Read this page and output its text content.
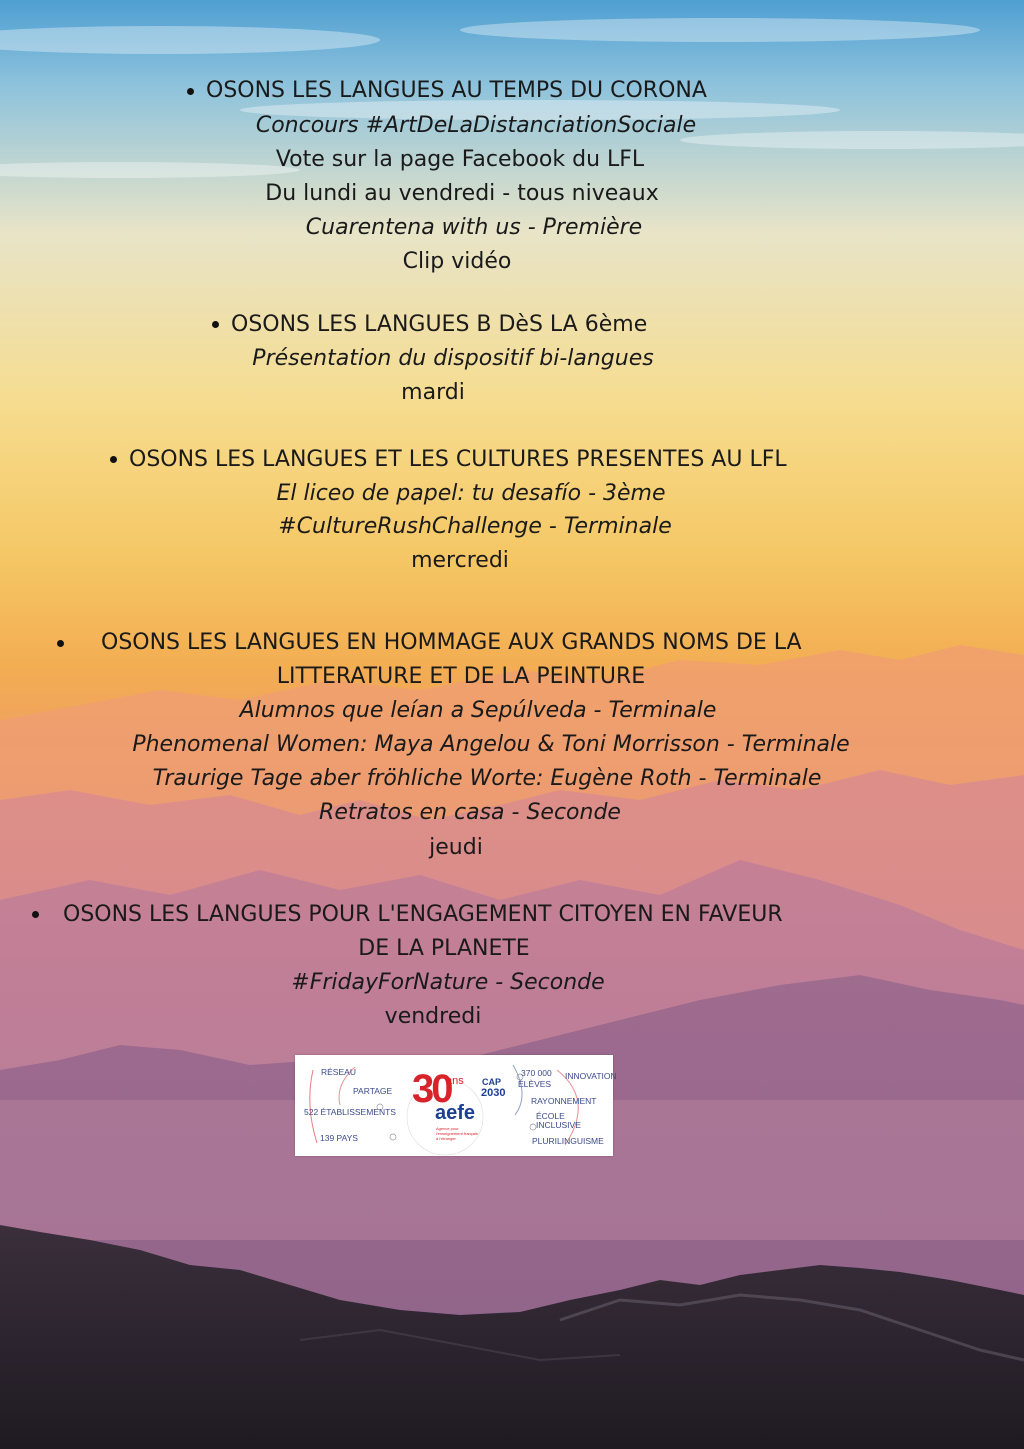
OSONS LES LANGUES AU TEMPS DU CORONA
Concours #ArtDeLaDistanciationSociale
Vote sur la page Facebook du LFL
Du lundi au vendredi - tous niveaux
Cuarentena with us - Première
Clip vidéo
OSONS LES LANGUES B DèS LA 6ème
Présentation du dispositif bi-langues
mardi
OSONS LES LANGUES ET LES CULTURES PRESENTES AU LFL
El liceo de papel: tu desafío - 3ème
#CultureRushChallenge - Terminale
mercredi
OSONS LES LANGUES EN HOMMAGE AUX GRANDS NOMS DE LA
LITTERATURE ET DE LA PEINTURE
Alumnos que leían a Sepúlveda - Terminale
Phenomenal Women: Maya Angelou & Toni Morrisson - Terminale
Traurige Tage aber fröhliche Worte: Eugène Roth - Terminale
Retratos en casa - Seconde
jeudi
OSONS LES LANGUES POUR L'ENGAGEMENT CITOYEN EN FAVEUR
DE LA PLANETE
#FridayForNature - Seconde
vendredi
RÉSEAU
PARTAGE
522 ÉTABLISSEMENTS
139 PAYS
30
ans CAP
2030
aefe
Agence pour l'enseignement français à l'étranger
370 000
ÉLÈVES
INNOVATION
RAYONNEMENT
ÉCOLE
INCLUSIVE
PLURILINGUISME
